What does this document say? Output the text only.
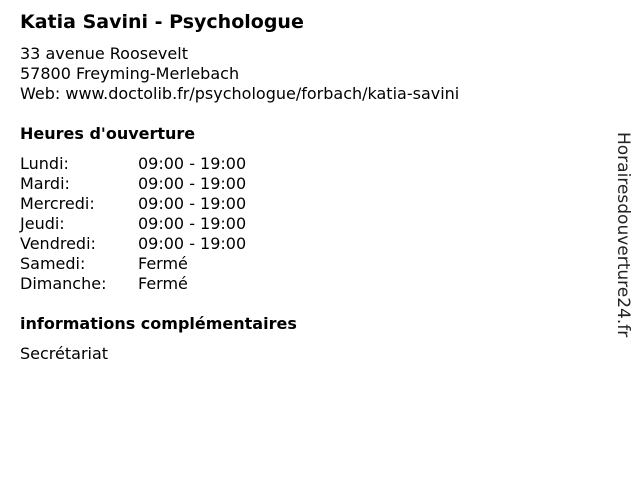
Katia Savini - Psychologue
33 avenue Roosevelt
57800 Freyming-Merlebach
Web: www.doctolib.fr/psychologue/forbach/katia-savini
Heures d'ouverture
Lundi:	09:00 - 19:00
Mardi:	09:00 - 19:00
Mercredi:	09:00 - 19:00
Jeudi:	09:00 - 19:00
Vendredi:	09:00 - 19:00
Samedi:	Fermé
Dimanche:	Fermé
informations complémentaires
Secrétariat
Horairesdouverture24.fr
